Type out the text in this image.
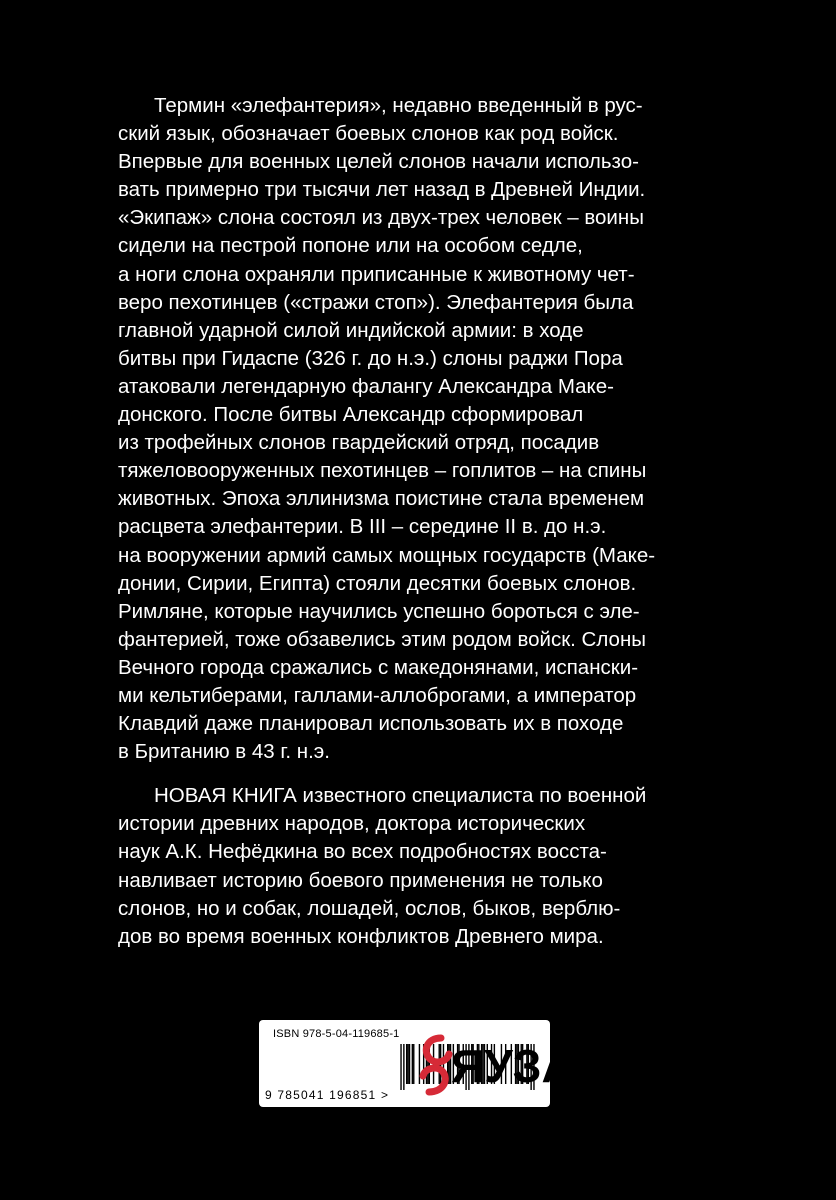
Термин «элефантерия», недавно введенный в рус-
ский язык, обозначает боевых слонов как род войск.
Впервые для военных целей слонов начали использо-
вать примерно три тысячи лет назад в Древней Индии.
«Экипаж» слона состоял из двух-трех человек – воины
сидели на пестрой попоне или на особом седле,
а ноги слона охраняли приписанные к животному чет-
веро пехотинцев («стражи стоп»). Элефантерия была
главной ударной силой индийской армии: в ходе
битвы при Гидаспе (326 г. до н.э.) слоны раджи Пора
атаковали легендарную фалангу Александра Маке-
донского. После битвы Александр сформировал
из трофейных слонов гвардейский отряд, посадив
тяжеловооруженных пехотинцев – гоплитов – на спины
животных. Эпоха эллинизма поистине стала временем
расцвета элефантерии. В III – середине II в. до н.э.
на вооружении армий самых мощных государств (Маке-
донии, Сирии, Египта) стояли десятки боевых слонов.
Римляне, которые научились успешно бороться с эле-
фантерией, тоже обзавелись этим родом войск. Слоны
Вечного города сражались с македонянами, испански-
ми кельтиберами, галлами-аллоброгами, а император
Клавдий даже планировал использовать их в походе
в Британию в 43 г. н.э.
НОВАЯ КНИГА известного специалиста по военной
истории древних народов, доктора исторических
наук А.К. Нефёдкина во всех подробностях восста-
навливает историю боевого применения не только
слонов, но и собак, лошадей, ослов, быков, верблю-
дов во время военных конфликтов Древнего мира.
ISBN 978-5-04-119685-1
9 785041 196851 >
ЯУЗА
